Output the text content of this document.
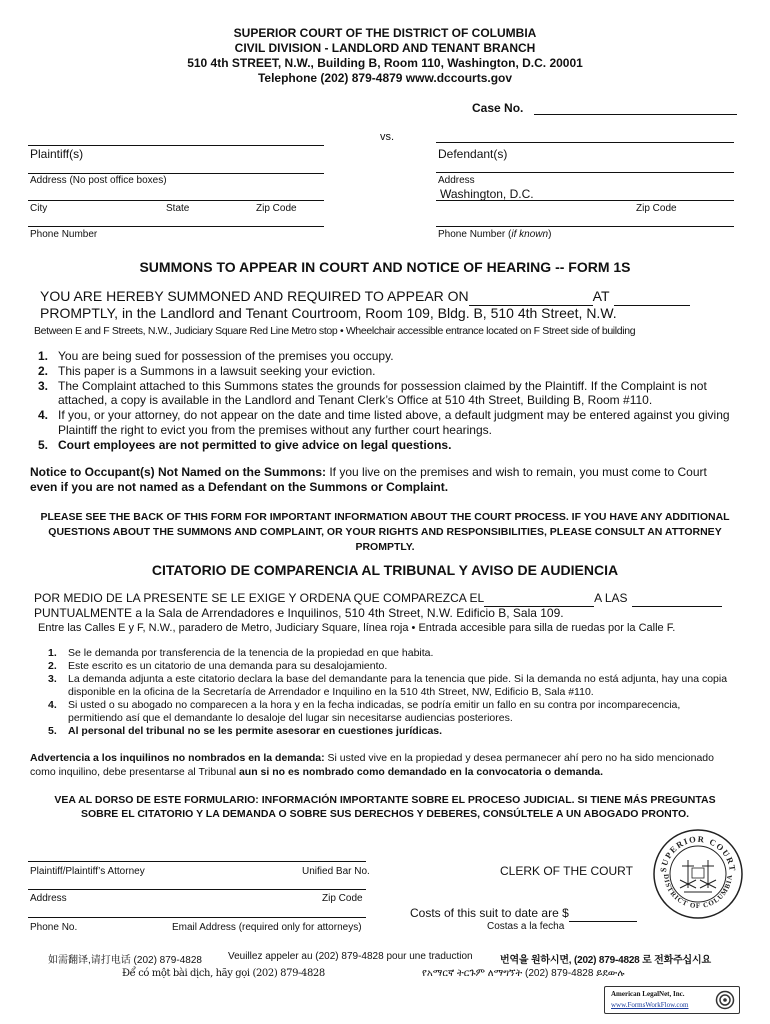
SUPERIOR COURT OF THE DISTRICT OF COLUMBIA
CIVIL DIVISION - LANDLORD AND TENANT BRANCH
510 4th STREET, N.W., Building B, Room 110, Washington, D.C. 20001
Telephone (202) 879-4879 www.dccourts.gov
Case No.
vs.
Plaintiff(s)
Address (No post office boxes)
City	State	Zip Code
Phone Number
Defendant(s)
Address
Washington, D.C.
Zip Code
Phone Number (if known)
SUMMONS TO APPEAR IN COURT AND NOTICE OF HEARING -- FORM 1S
YOU ARE HEREBY SUMMONED AND REQUIRED TO APPEAR ON	AT
PROMPTLY, in the Landlord and Tenant Courtroom, Room 109, Bldg. B, 510 4th Street, N.W.
Between E and F Streets, N.W., Judiciary Square Red Line Metro stop • Wheelchair accessible entrance located on F Street side of building
1. You are being sued for possession of the premises you occupy.
2. This paper is a Summons in a lawsuit seeking your eviction.
3. The Complaint attached to this Summons states the grounds for possession claimed by the Plaintiff. If the Complaint is not attached, a copy is available in the Landlord and Tenant Clerk’s Office at 510 4th Street, Building B, Room #110.
4. If you, or your attorney, do not appear on the date and time listed above, a default judgment may be entered against you giving Plaintiff the right to evict you from the premises without any further court hearings.
5. Court employees are not permitted to give advice on legal questions.
Notice to Occupant(s) Not Named on the Summons: If you live on the premises and wish to remain, you must come to Court even if you are not named as a Defendant on the Summons or Complaint.
PLEASE SEE THE BACK OF THIS FORM FOR IMPORTANT INFORMATION ABOUT THE COURT PROCESS. IF YOU HAVE ANY ADDITIONAL QUESTIONS ABOUT THE SUMMONS AND COMPLAINT, OR YOUR RIGHTS AND RESPONSIBILITIES, PLEASE CONSULT AN ATTORNEY PROMPTLY.
CITATORIO DE COMPARENCIA AL TRIBUNAL Y AVISO DE AUDIENCIA
POR MEDIO DE LA PRESENTE SE LE EXIGE Y ORDENA QUE COMPAREZCA EL	A LAS
PUNTUALMENTE a la Sala de Arrendadores e Inquilinos, 510 4th Street, N.W. Edificio B, Sala 109.
Entre las Calles E y F, N.W., paradero de Metro, Judiciary Square, línea roja • Entrada accesible para silla de ruedas por la Calle F.
1. Se le demanda por transferencia de la tenencia de la propiedad en que habita.
2. Este escrito es un citatorio de una demanda para su desalojamiento.
3. La demanda adjunta a este citatorio declara la base del demandante para la tenencia que pide. Si la demanda no está adjunta, hay una copia disponible en la oficina de la Secretaría de Arrendador e Inquilino en la 510 4th Street, NW, Edificio B, Sala #110.
4. Si usted o su abogado no comparecen a la hora y en la fecha indicadas, se podría emitir un fallo en su contra por incomparecencia, permitiendo así que el demandante lo desaloje del lugar sin necesitarse audiencias posteriores.
5. Al personal del tribunal no se les permite asesorar en cuestiones jurídicas.
Advertencia a los inquilinos no nombrados en la demanda: Si usted vive en la propiedad y desea permanecer ahí pero no ha sido mencionado como inquilino, debe presentarse al Tribunal aun si no es nombrado como demandado en la convocatoria o demanda.
VEA AL DORSO DE ESTE FORMULARIO: INFORMACIÓN IMPORTANTE SOBRE EL PROCESO JUDICIAL. SI TIENE MÁS PREGUNTAS SOBRE EL CITATORIO Y LA DEMANDA O SOBRE SUS DERECHOS Y DEBERES, CONSÚLTELE A UN ABOGADO PRONTO.
Plaintiff/Plaintiff’s Attorney	Unified Bar No.
Address	Zip Code
Phone No.	Email Address (required only for attorneys)
CLERK OF THE COURT
Costs of this suit to date are $
Costas a la fecha
SUPERIOR COURT
DISTRICT OF COLUMBIA
如需翻译,请打电话 (202) 879-4828	Veuillez appeler au (202) 879-4828 pour une traduction	번역을 원하시면, (202) 879-4828 로 전화주십시요
Để có một bài dịch, hãy gọi (202) 879-4828	የአማርኛ ትርጉም ለማግኘት (202) 879-4828 ይደውሉ
American LegalNet, Inc.
www.FormsWorkFlow.com
